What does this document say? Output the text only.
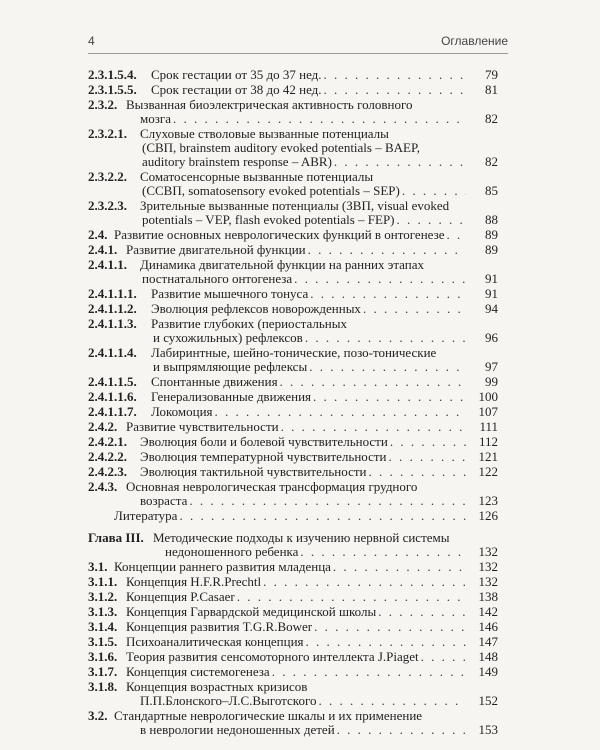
4	Оглавление
2.3.1.5.4. Срок гестации от 35 до 37 нед. . . .	79
2.3.1.5.5. Срок гестации от 38 до 42 нед. . . .	81
2.3.2. Вызванная биоэлектрическая активность головного
мозга . . .	82
2.3.2.1. Слуховые стволовые вызванные потенциалы
(СВП, brainstem auditory evoked potentials – BAEP,
auditory brainstem response – ABR) . . .	82
2.3.2.2. Соматосенсорные вызванные потенциалы
(ССВП, somatosensory evoked potentials – SEP) . . .	85
2.3.2.3. Зрительные вызванные потенциалы (ЗВП, visual evoked
potentials – VEP, flash evoked potentials – FEP) . . .	88
2.4. Развитие основных неврологических функций в онтогенезе . . .	89
2.4.1. Развитие двигательной функции . . .	89
2.4.1.1. Динамика двигательной функции на ранних этапах
постнатального онтогенеза . . .	91
2.4.1.1.1. Развитие мышечного тонуса . . .	91
2.4.1.1.2. Эволюция рефлексов новорожденных . . .	94
2.4.1.1.3. Развитие глубоких (периостальных
и сухожильных) рефлексов . . .	96
2.4.1.1.4. Лабиринтные, шейно-тонические, позо-тонические
и выпрямляющие рефлексы . . .	97
2.4.1.1.5. Спонтанные движения . . .	99
2.4.1.1.6. Генерализованные движения . . .	100
2.4.1.1.7. Локомоция . . .	107
2.4.2. Развитие чувствительности . . .	111
2.4.2.1. Эволюция боли и болевой чувствительности . . .	112
2.4.2.2. Эволюция температурной чувствительности . . .	121
2.4.2.3. Эволюция тактильной чувствительности . . .	122
2.4.3. Основная неврологическая трансформация грудного
возраста . . .	123
Литература . . .	126
Глава III. Методические подходы к изучению нервной системы
недоношенного ребенка . . .	132
3.1. Концепции раннего развития младенца . . .	132
3.1.1. Концепция H.F.R.Prechtl . . .	132
3.1.2. Концепция P.Casaer . . .	138
3.1.3. Концепция Гарвардской медицинской школы . . .	142
3.1.4. Концепция развития T.G.R.Bower . . .	146
3.1.5. Психоаналитическая концепция . . .	147
3.1.6. Теория развития сенсомоторного интеллекта J.Piaget . . .	148
3.1.7. Концепция системогенеза . . .	149
3.1.8. Концепция возрастных кризисов
П.П.Блонского–Л.С.Выготского . . .	152
3.2. Стандартные неврологические шкалы и их применение
в неврологии недоношенных детей . . .	153
